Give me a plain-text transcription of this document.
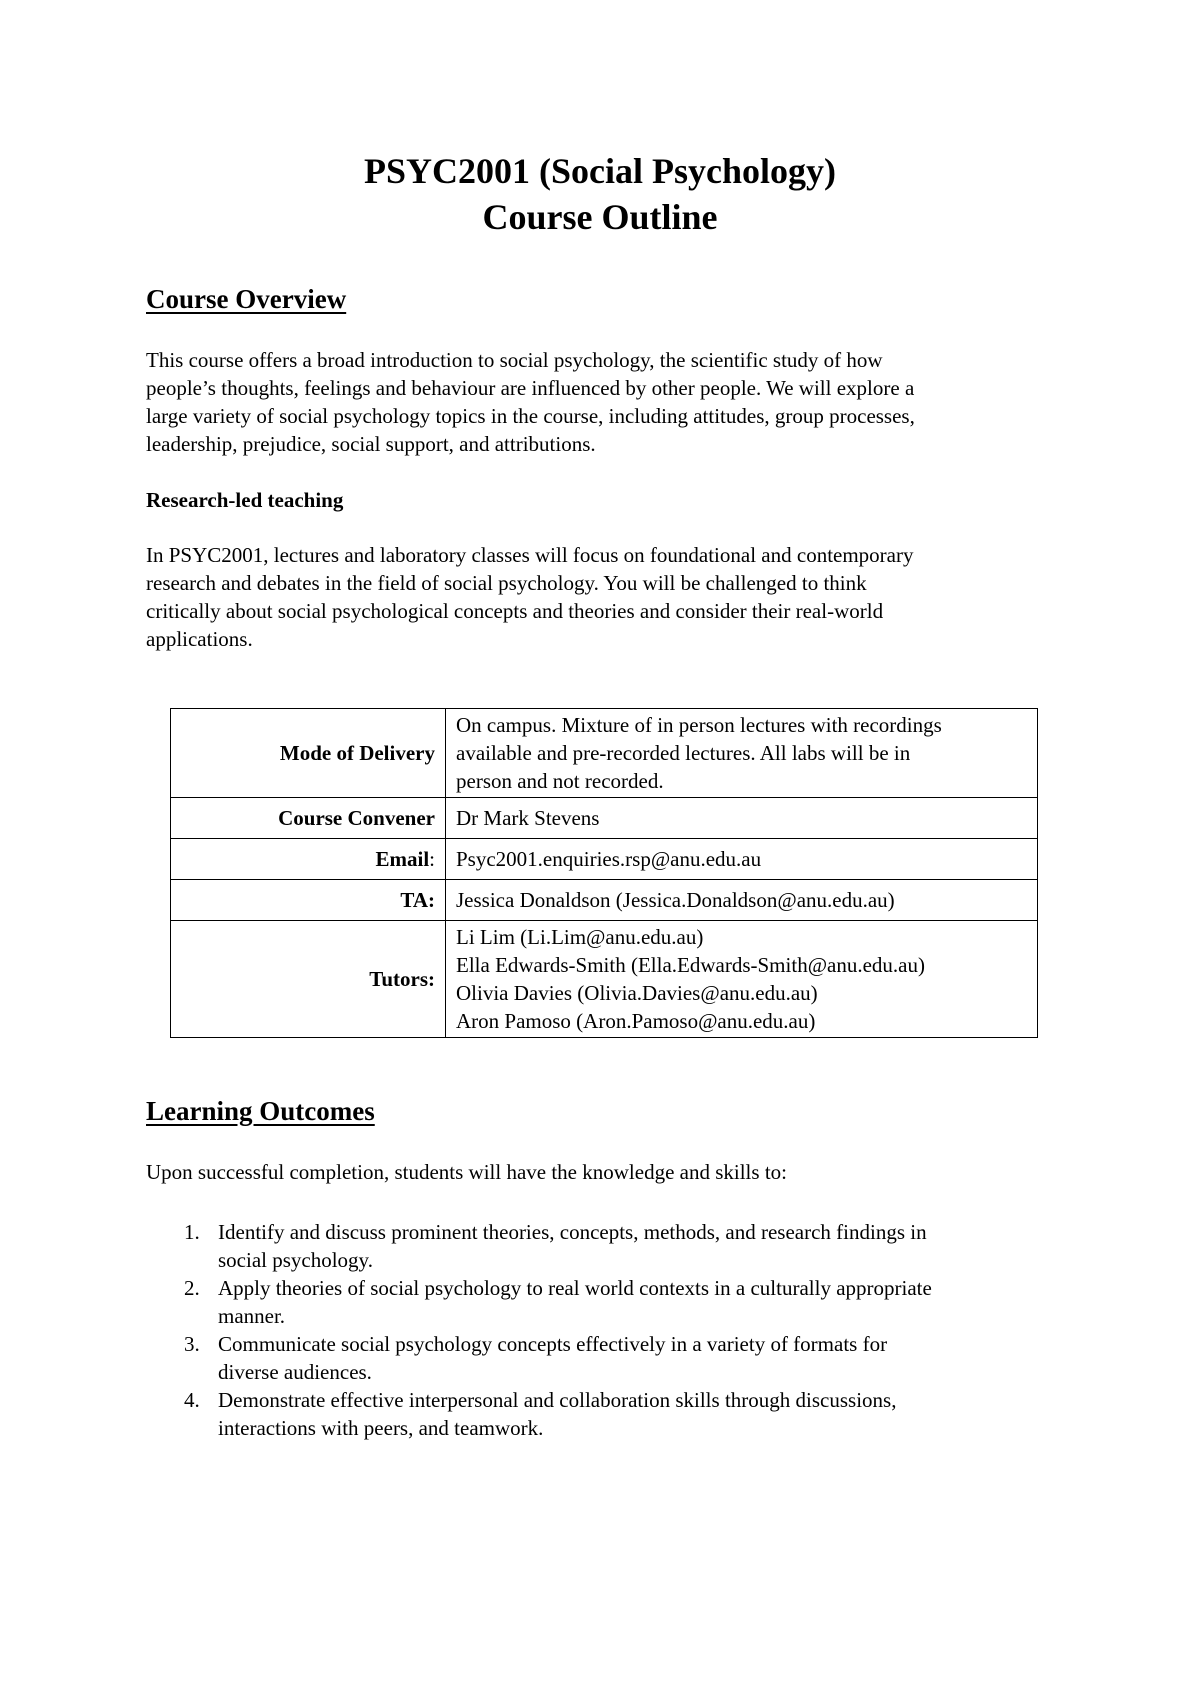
PSYC2001 (Social Psychology)
Course Outline
Course Overview
This course offers a broad introduction to social psychology, the scientific study of how
people’s thoughts, feelings and behaviour are influenced by other people. We will explore a
large variety of social psychology topics in the course, including attitudes, group processes,
leadership, prejudice, social support, and attributions.
Research-led teaching
In PSYC2001, lectures and laboratory classes will focus on foundational and contemporary
research and debates in the field of social psychology. You will be challenged to think
critically about social psychological concepts and theories and consider their real-world
applications.
Mode of Delivery	On campus. Mixture of in person lectures with recordings
available and pre-recorded lectures. All labs will be in
person and not recorded.

Course Convener	Dr Mark Stevens
Email:	Psyc2001.enquiries.rsp@anu.edu.au
TA:	Jessica Donaldson (Jessica.Donaldson@anu.edu.au)
Tutors:	Li Lim (Li.Lim@anu.edu.au)
Ella Edwards-Smith (Ella.Edwards-Smith@anu.edu.au)
Olivia Davies (Olivia.Davies@anu.edu.au)
Aron Pamoso (Aron.Pamoso@anu.edu.au)
Learning Outcomes
Upon successful completion, students will have the knowledge and skills to:
1. Identify and discuss prominent theories, concepts, methods, and research findings in
social psychology.
2. Apply theories of social psychology to real world contexts in a culturally appropriate
manner.
3. Communicate social psychology concepts effectively in a variety of formats for
diverse audiences.
4. Demonstrate effective interpersonal and collaboration skills through discussions,
interactions with peers, and teamwork.
